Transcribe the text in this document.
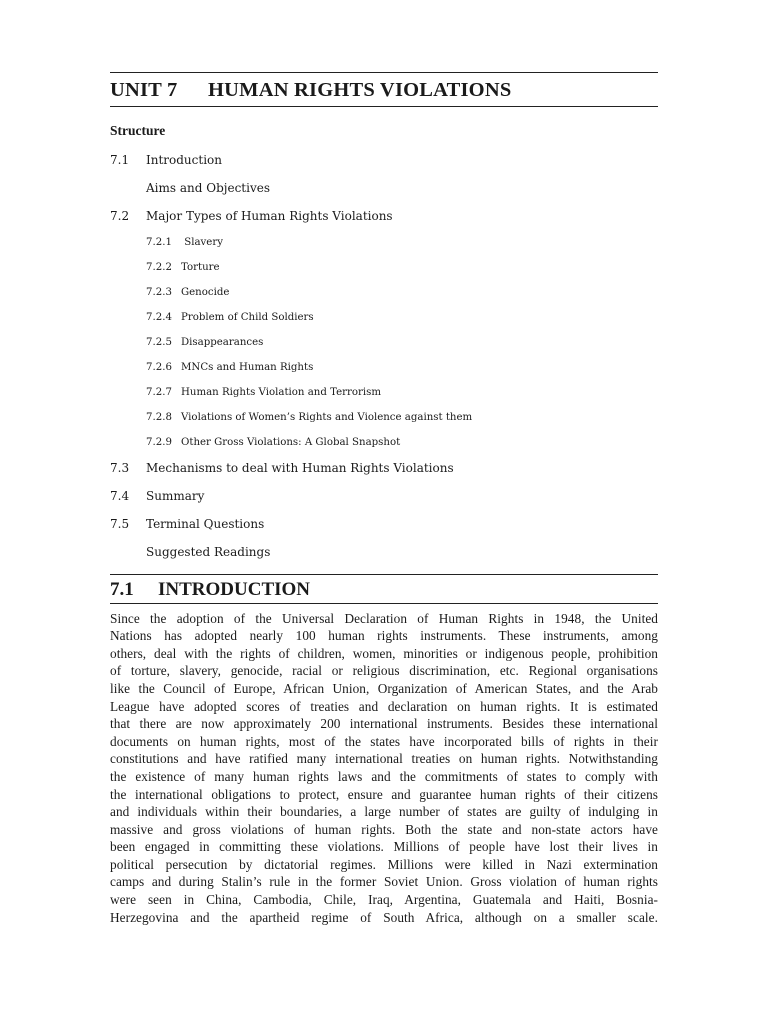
UNIT 7	HUMAN RIGHTS VIOLATIONS
Structure
7.1	Introduction
Aims and Objectives
7.2	Major Types of Human Rights Violations
7.2.1 Slavery
7.2.2 Torture
7.2.3 Genocide
7.2.4 Problem of Child Soldiers
7.2.5 Disappearances
7.2.6 MNCs and Human Rights
7.2.7 Human Rights Violation and Terrorism
7.2.8 Violations of Women’s Rights and Violence against them
7.2.9 Other Gross Violations: A Global Snapshot
7.3	Mechanisms to deal with Human Rights Violations
7.4	Summary
7.5	Terminal Questions
Suggested Readings
7.1	INTRODUCTION
Since the adoption of the Universal Declaration of Human Rights in 1948, the United
Nations has adopted nearly 100 human rights instruments. These instruments, among
others, deal with the rights of children, women, minorities or indigenous people, prohibition
of torture, slavery, genocide, racial or religious discrimination, etc. Regional organisations
like the Council of Europe, African Union, Organization of American States, and the Arab
League have adopted scores of treaties and declaration on human rights. It is estimated
that there are now approximately 200 international instruments. Besides these international
documents on human rights, most of the states have incorporated bills of rights in their
constitutions and have ratified many international treaties on human rights. Notwithstanding
the existence of many human rights laws and the commitments of states to comply with
the international obligations to protect, ensure and guarantee human rights of their citizens
and individuals within their boundaries, a large number of states are guilty of indulging in
massive and gross violations of human rights. Both the state and non-state actors have
been engaged in committing these violations. Millions of people have lost their lives in
political persecution by dictatorial regimes. Millions were killed in Nazi extermination
camps and during Stalin’s rule in the former Soviet Union. Gross violation of human rights
were seen in China, Cambodia, Chile, Iraq, Argentina, Guatemala and Haiti, Bosnia-
Herzegovina and the apartheid regime of South Africa, although on a smaller scale.
